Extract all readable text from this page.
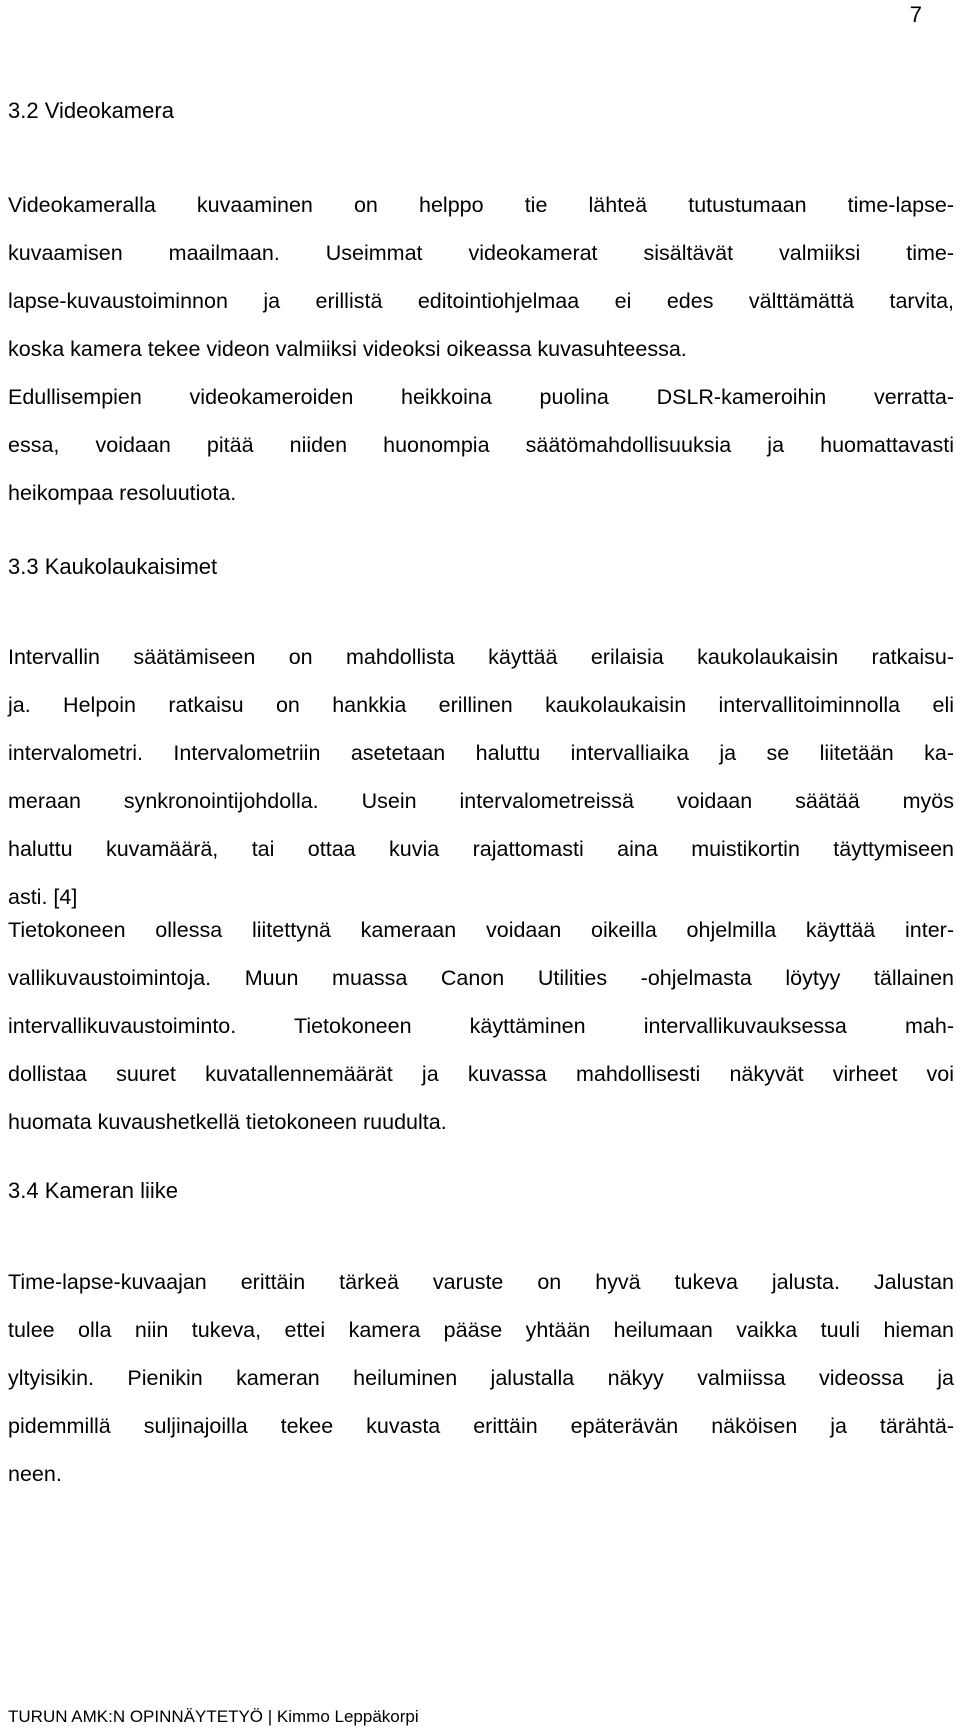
7
3.2 Videokamera
Videokameralla kuvaaminen on helppo tie lähteä tutustumaan time-lapse-
kuvaamisen maailmaan. Useimmat videokamerat sisältävät valmiiksi time-
lapse-kuvaustoiminnon ja erillistä editointiohjelmaa ei edes välttämättä tarvita,
koska kamera tekee videon valmiiksi videoksi oikeassa kuvasuhteessa.
Edullisempien videokameroiden heikkoina puolina DSLR-kameroihin verratta-
essa, voidaan pitää niiden huonompia säätömahdollisuuksia ja huomattavasti
heikompaa resoluutiota.
3.3 Kaukolaukaisimet
Intervallin säätämiseen on mahdollista käyttää erilaisia kaukolaukaisin ratkaisu-
ja. Helpoin ratkaisu on hankkia erillinen kaukolaukaisin intervallitoiminnolla eli
intervalometri. Intervalometriin asetetaan haluttu intervalliaika ja se liitetään ka-
meraan synkronointijohdolla. Usein intervalometreissä voidaan säätää myös
haluttu kuvamäärä, tai ottaa kuvia rajattomasti aina muistikortin täyttymiseen
asti. [4]
Tietokoneen ollessa liitettynä kameraan voidaan oikeilla ohjelmilla käyttää inter-
vallikuvaustoimintoja. Muun muassa Canon Utilities -ohjelmasta löytyy tällainen
intervallikuvaustoiminto. Tietokoneen käyttäminen intervallikuvauksessa mah-
dollistaa suuret kuvatallennemäärät ja kuvassa mahdollisesti näkyvät virheet voi
huomata kuvaushetkellä tietokoneen ruudulta.
3.4 Kameran liike
Time-lapse-kuvaajan erittäin tärkeä varuste on hyvä tukeva jalusta. Jalustan
tulee olla niin tukeva, ettei kamera pääse yhtään heilumaan vaikka tuuli hieman
yltyisikin. Pienikin kameran heiluminen jalustalla näkyy valmiissa videossa ja
pidemmillä suljinajoilla tekee kuvasta erittäin epäterävän näköisen ja tärähtä-
neen.
TURUN AMK:N OPINNÄYTETYÖ | Kimmo Leppäkorpi
